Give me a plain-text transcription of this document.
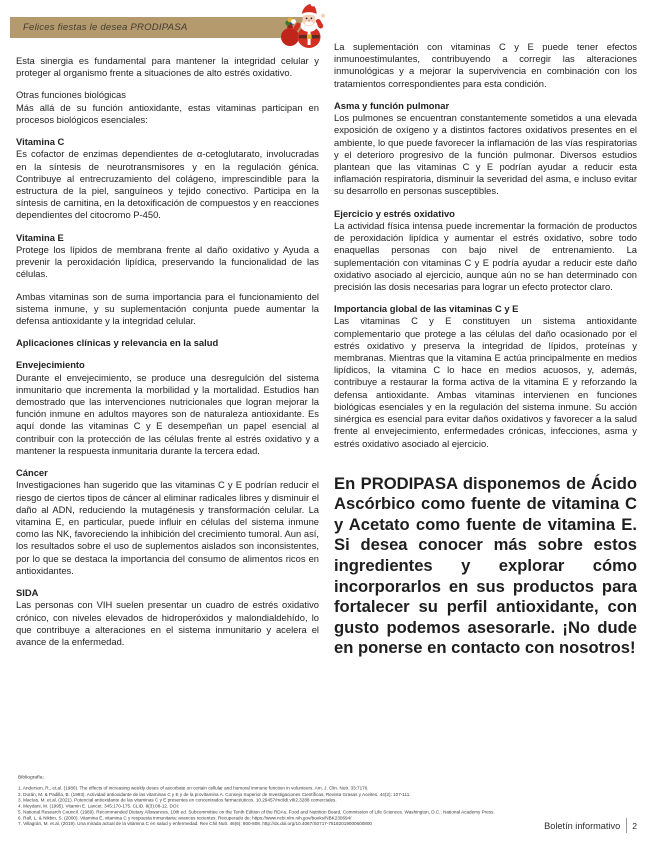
Felices fiestas le desea PRODIPASA

Esta sinergia es fundamental para mantener la integridad celular y proteger al organismo frente a situaciones de alto estrés oxidativo.

Otras funciones biológicas

Más allá de su función antioxidante, estas vitaminas participan en procesos biológicos esenciales:

Vitamina C

Es cofactor de enzimas dependientes de α-cetoglutarato, involucradas en la síntesis de neurotransmisores y en la regulación génica. Contribuye al entrecruzamiento del colágeno, imprescindible para la estructura de la piel, sanguíneos y tejido conectivo. Participa en la síntesis de carnitina, en la detoxificación de compuestos y en reacciones dependientes del citocromo P-450.

Vitamina E

Protege los lípidos de membrana frente al daño oxidativo y Ayuda a prevenir la peroxidación lipídica, preservando la funcionalidad de las células.

Ambas vitaminas son de suma importancia para el funcionamiento del sistema inmune, y su suplementación conjunta puede aumentar la defensa antioxidante y la integridad celular.

Aplicaciones clínicas y relevancia en la salud
Envejecimiento

Durante el envejecimiento, se produce una desregulción del sistema inmunitario que incrementa la morbilidad y la mortalidad. Estudios han demostrado que las intervenciones nutricionales que logran mejorar la función inmune en adultos mayores son de naturaleza antioxidante. Es aquí donde las vitaminas C y E desempeñan un papel esencial al contribuir con la protección de las células frente al estrés oxidativo y a mantener la respuesta inmunitaria durante la tercera edad.

Cáncer

Investigaciones han sugerido que las vitaminas C y E podrían reducir el riesgo de ciertos tipos de cáncer al eliminar radicales libres y disminuir el daño al ADN, reduciendo la mutagénesis y transformación celular. La vitamina E, en particular, puede influir en células del sistema inmune como las NK, favoreciendo la inhibición del crecimiento tumoral. Aun así, los resultados sobre el uso de suplementos aislados son inconsistentes, por lo que se destaca la importancia del consumo de alimentos ricos en antioxidantes.

SIDA

Las personas con VIH suelen presentar un cuadro de estrés oxidativo crónico, con niveles elevados de hidroperóxidos y malondialdehído, lo que contribuye a alteraciones en el sistema inmunitario y acelera el avance de la enfermedad.

La suplementación con vitaminas C y E puede tener efectos inmunoestimulantes, contribuyendo a corregir las alteraciones inmunológicas y a mejorar la supervivencia en combinación con los tratamientos correspondientes para esta condición.

Asma y función pulmonar

Los pulmones se encuentran constantemente sometidos a una elevada exposición de oxígeno y a distintos factores oxidativos presentes en el ambiente, lo que puede favorecer la inflamación de las vías respiratorias y el deterioro progresivo de la función pulmonar. Diversos estudios plantean que las vitaminas C y E podrían ayudar a reducir esta inflamación respiratoria, disminuir la severidad del asma, e incluso evitar su desarrollo en personas susceptibles.

Ejercicio y estrés oxidativo

La actividad física intensa puede incrementar la formación de productos de peroxidación lipídica y aumentar el estrés oxidativo, sobre todo enaquellas personas con bajo nivel de entrenamiento. La suplementación con vitaminas C y E podría ayudar a reducir este daño oxidativo asociado al ejercicio, aunque aún no se han determinado con precisión las dosis necesarias para lograr un efecto protector claro.

Importancia global de las vitaminas C y E

Las vitaminas C y E constituyen un sistema antioxidante complementario que protege a las células del daño ocasionado por el estrés oxidativo y preserva la integridad de lípidos, proteínas y membranas. Mientras que la vitamina E actúa principalmente en medios lipídicos, la vitamina C lo hace en medios acuosos, y, además, contribuye a restaurar la forma activa de la vitamina E y reforzando la defensa antioxidante. Ambas vitaminas intervienen en funciones biológicas esenciales y en la regulación del sistema inmune. Su acción sinérgica es esencial para evitar daños oxidativos y favorecer a la salud frente al envejecimiento, enfermedades crónicas, infecciones, asma y estrés oxidativo asociado al ejercicio.

En PRODIPASA disponemos de Ácido Ascórbico como fuente de vitamina C y Acetato como fuente de vitamina E. Si desea conocer más sobre estos ingredientes y explorar cómo incorporarlos en sus productos para fortalecer su perfil antioxidante, con gusto podemos asesorarle. ¡No dude en ponerse en contacto con nosotros!

Bibliografía:
1. Anderson, R., et.al. (1980). The effects of increasing weekly doses of ascorbate on certain cellular and humoral immune function in volunteers. Am. J. Clin. Nutr. 33:7176.
2. Durán, M. & Padilla, B. (1993). Actividad antioxidante de las vitaminas C y E y de la provitamina A. Consejo Superior de Investigaciones Científicas, Revista Grasas y Aceites. 44(2): 107-111.
3. Macías, M. et.al. (2021). Potencial antioxidante de las vitaminas C y E presentes en concentrados farmacéuticos. 10.26457/mclidi.v8i2.3288 comerciales.
4. Meydani, M. (1995). Vitamin E. Lancet. 345:170-175. CLID. 8(3):08-12. DOI:
5. National Research Council. (1989). Recommended Dietary Allowances, 10th ed. Subcommittee on the Tenth Edition of the RDAs. Food and Nutrition Board, Commission of Life Sciences. Washington, D.C.: National Academy Press.
6. Rall, L. & Nikbin, S. (2000). Vitamina E, vitamina C y respuesta inmunitaria: avances recientes. Recuperado de: https://www.ncbi.nlm.nih.gov/books/NBK230694/
7. Villagrán, M. et.al. (2019). Una mirada actual de la vitamina C en salud y enfermedad. Rev Chil Nutr. 46(6): 800-808. http://dx.doi.org/10.4067/S0717-75182019000600800	Boletín informativo 2
